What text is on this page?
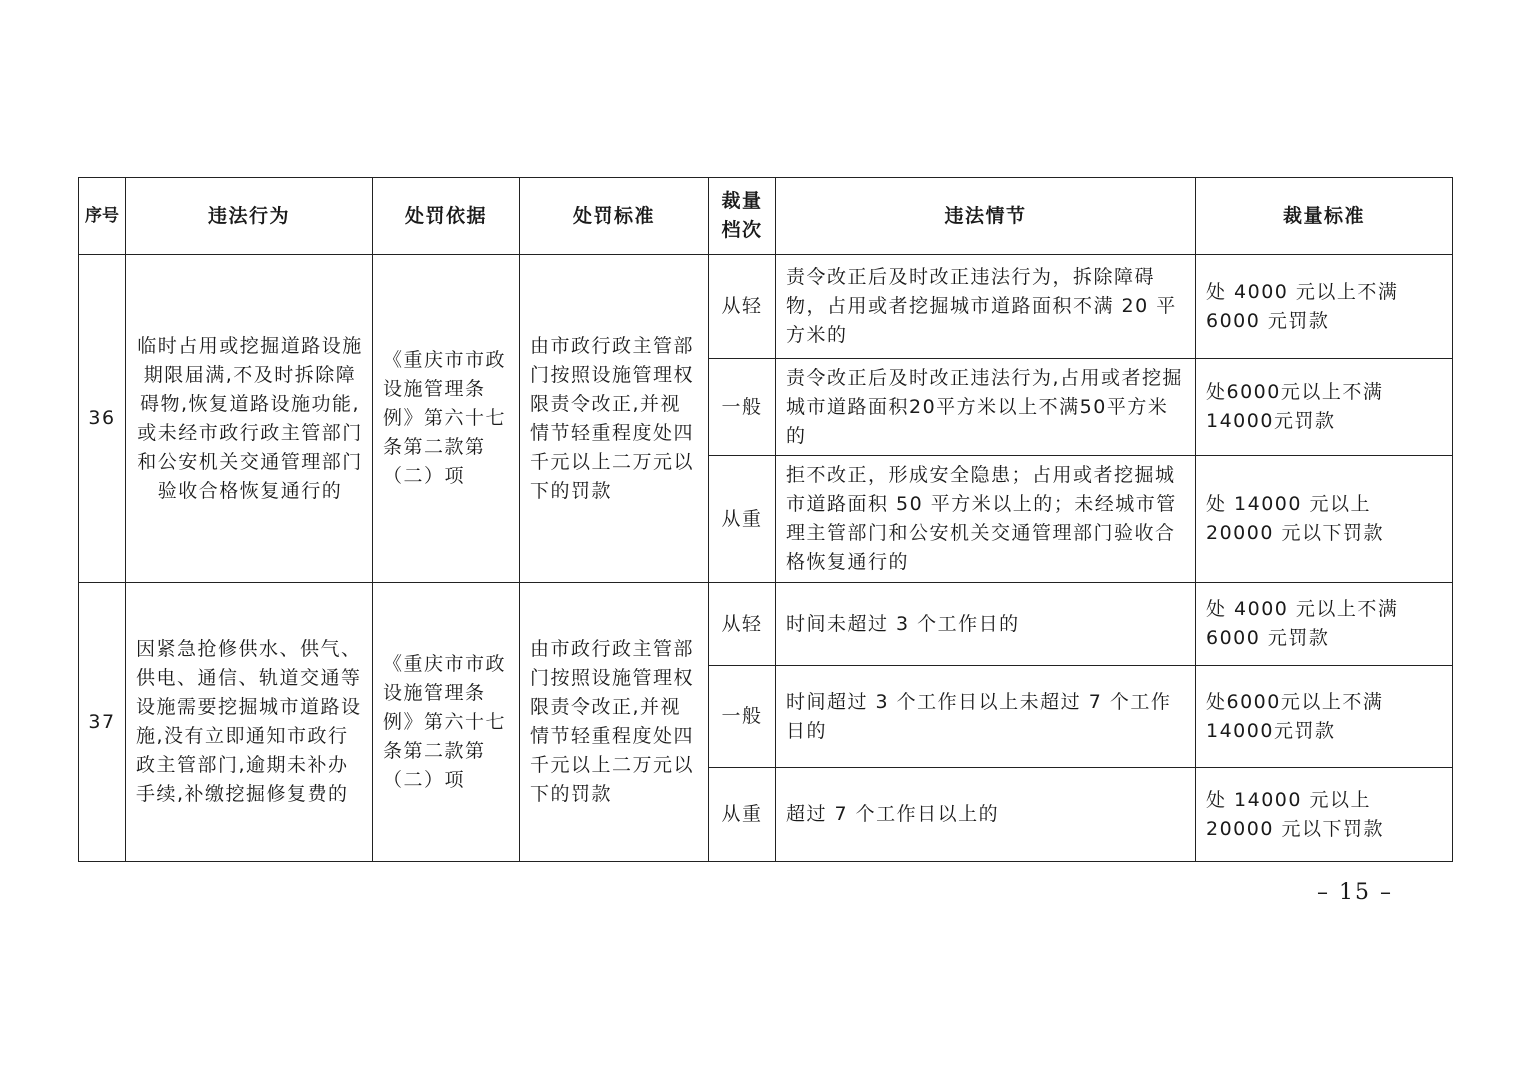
序号	违法行为	处罚依据	处罚标准	裁量档次	违法情节	裁量标准
36	临时占用或挖掘道路设施期限届满,不及时拆除障碍物,恢复道路设施功能,或未经市政行政主管部门和公安机关交通管理部门验收合格恢复通行的	《重庆市市政设施管理条例》第六十七条第二款第（二）项	由市政行政主管部门按照设施管理权限责令改正,并视情节轻重程度处四千元以上二万元以下的罚款	从轻	责令改正后及时改正违法行为，拆除障碍物，占用或者挖掘城市道路面积不满 20 平方米的	处 4000 元以上不满 6000 元罚款

				一般	责令改正后及时改正违法行为,占用或者挖掘城市道路面积20平方米以上不满50平方米的	处6000元以上不满14000元罚款

				从重	拒不改正，形成安全隐患；占用或者挖掘城市道路面积 50 平方米以上的；未经城市管理主管部门和公安机关交通管理部门验收合格恢复通行的	处 14000 元以上 20000 元以下罚款

37	因紧急抢修供水、供气、供电、通信、轨道交通等设施需要挖掘城市道路设施,没有立即通知市政行政主管部门,逾期未补办手续,补缴挖掘修复费的	《重庆市市政设施管理条例》第六十七条第二款第（二）项	由市政行政主管部门按照设施管理权限责令改正,并视情节轻重程度处四千元以上二万元以下的罚款	从轻	时间未超过 3 个工作日的	处 4000 元以上不满 6000 元罚款

				一般	时间超过 3 个工作日以上未超过 7 个工作日的	处6000元以上不满14000元罚款

				从重	超过 7 个工作日以上的	处 14000 元以上 20000 元以下罚款
– 15 –
